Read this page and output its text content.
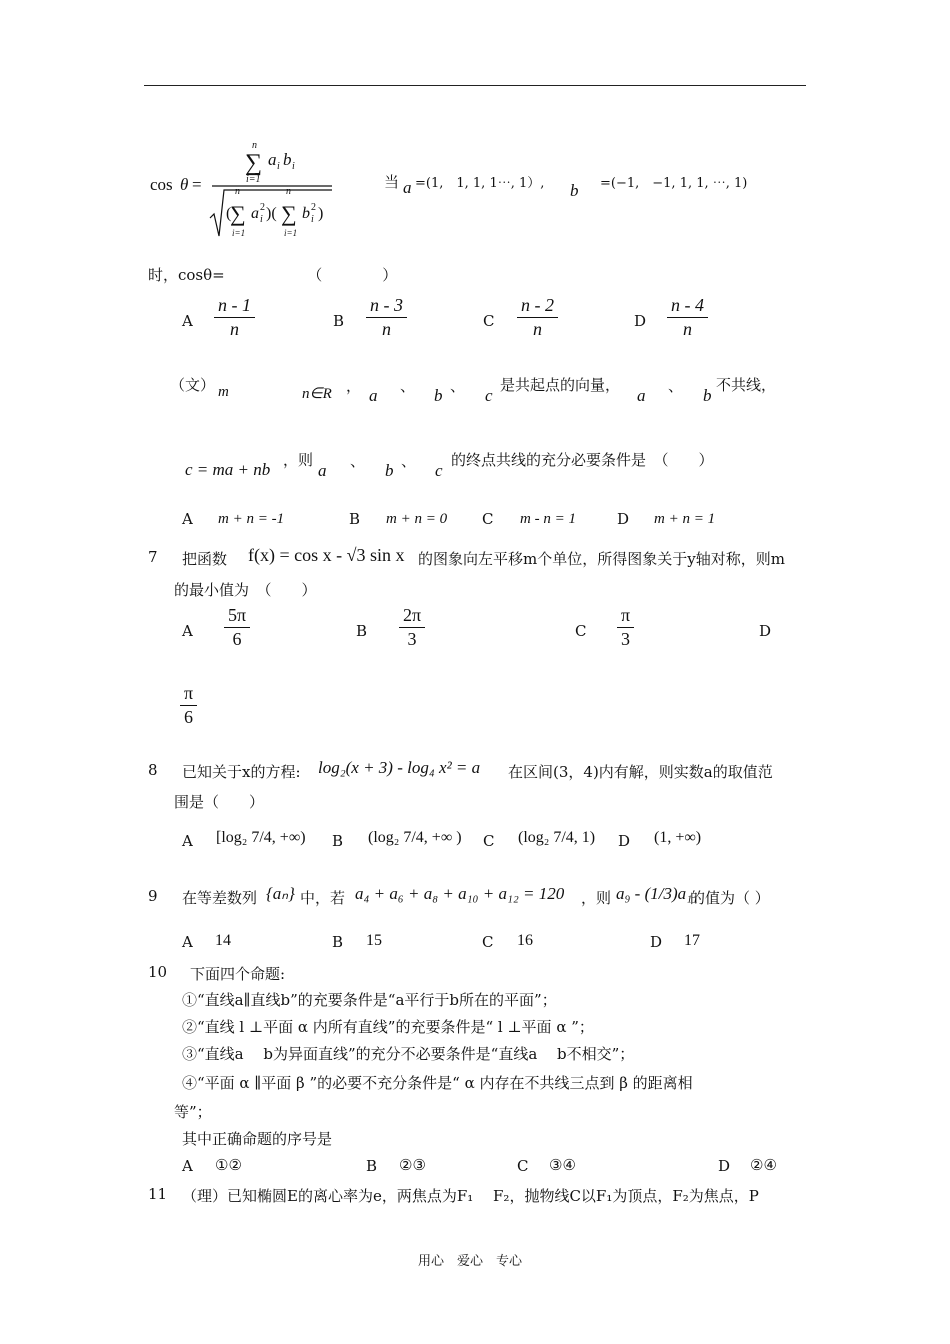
cos θ =
n
∑ a i b i
i=1
(
n
∑ a 2
i )(
n
∑ b 2
i )
i=1	i=1
当 a =(1,　1, 1, 1⋯, 1）, b =(−1,　−1, 1, 1, ⋯, 1)
时，cosθ=　　　　　　（　　　　）
A $\frac{n - 1}{n}$	B $\frac{n - 3}{n}$	C $\frac{n - 2}{n}$	D $\frac{n - 4}{n}$
（文） m	n∈R ， a 、 b 、 c
是共起点的向量，
a 、 b
不共线，
c = ma + nb ，则
a 、 b 、 c
的终点共线的充分必要条件是　（　　）
A m + n = -1	B m + n = 0 C m - n = 1	D m + n = 1
7 把函数 f(x) = cos x - √3 sin x 的图象向左平移m个单位，所得图象关于y轴对称，则m
的最小值为　（　　）
A $\frac{5\pi}{6}$	B $\frac{2\pi}{3}$	C $\frac{\pi}{3}$	D
$\frac{\pi}{6}$
8 已知关于x的方程: log₂(x + 3) - log₄ x² = a 在区间(3，4)内有解，则实数a的取值范
围是（　　）
A [log₂ 7/4, +∞) B (log₂ 7/4, +∞ ) C (log₂ 7/4, 1) D (1, +∞)
9 在等差数列 {aₙ} 中，若 a₄ + a₆ + a₈ + a₁₀ + a₁₂ = 120 ，则 a₉ - (1/3)a₁₁
的值为（ ）
A 14	B 15	C 16	D 17
10 下面四个命题:
①“直线a∥直线b”的充要条件是“a平行于b所在的平面”；
②“直线 l ⊥平面 α 内所有直线”的充要条件是“ l ⊥平面 α ”；
③“直线a　 b为异面直线”的充分不必要条件是“直线a　 b不相交”；
④“平面 α ∥平面 β ”的必要不充分条件是“ α 内存在不共线三点到 β 的距离相
等”；
其中正确命题的序号是
A ①②	B ②③	C ③④	D ②④
11 （理）已知椭圆E的离心率为e，两焦点为F₁　 F₂，抛物线C以F₁为顶点，F₂为焦点，P
用心　爱心　专心
